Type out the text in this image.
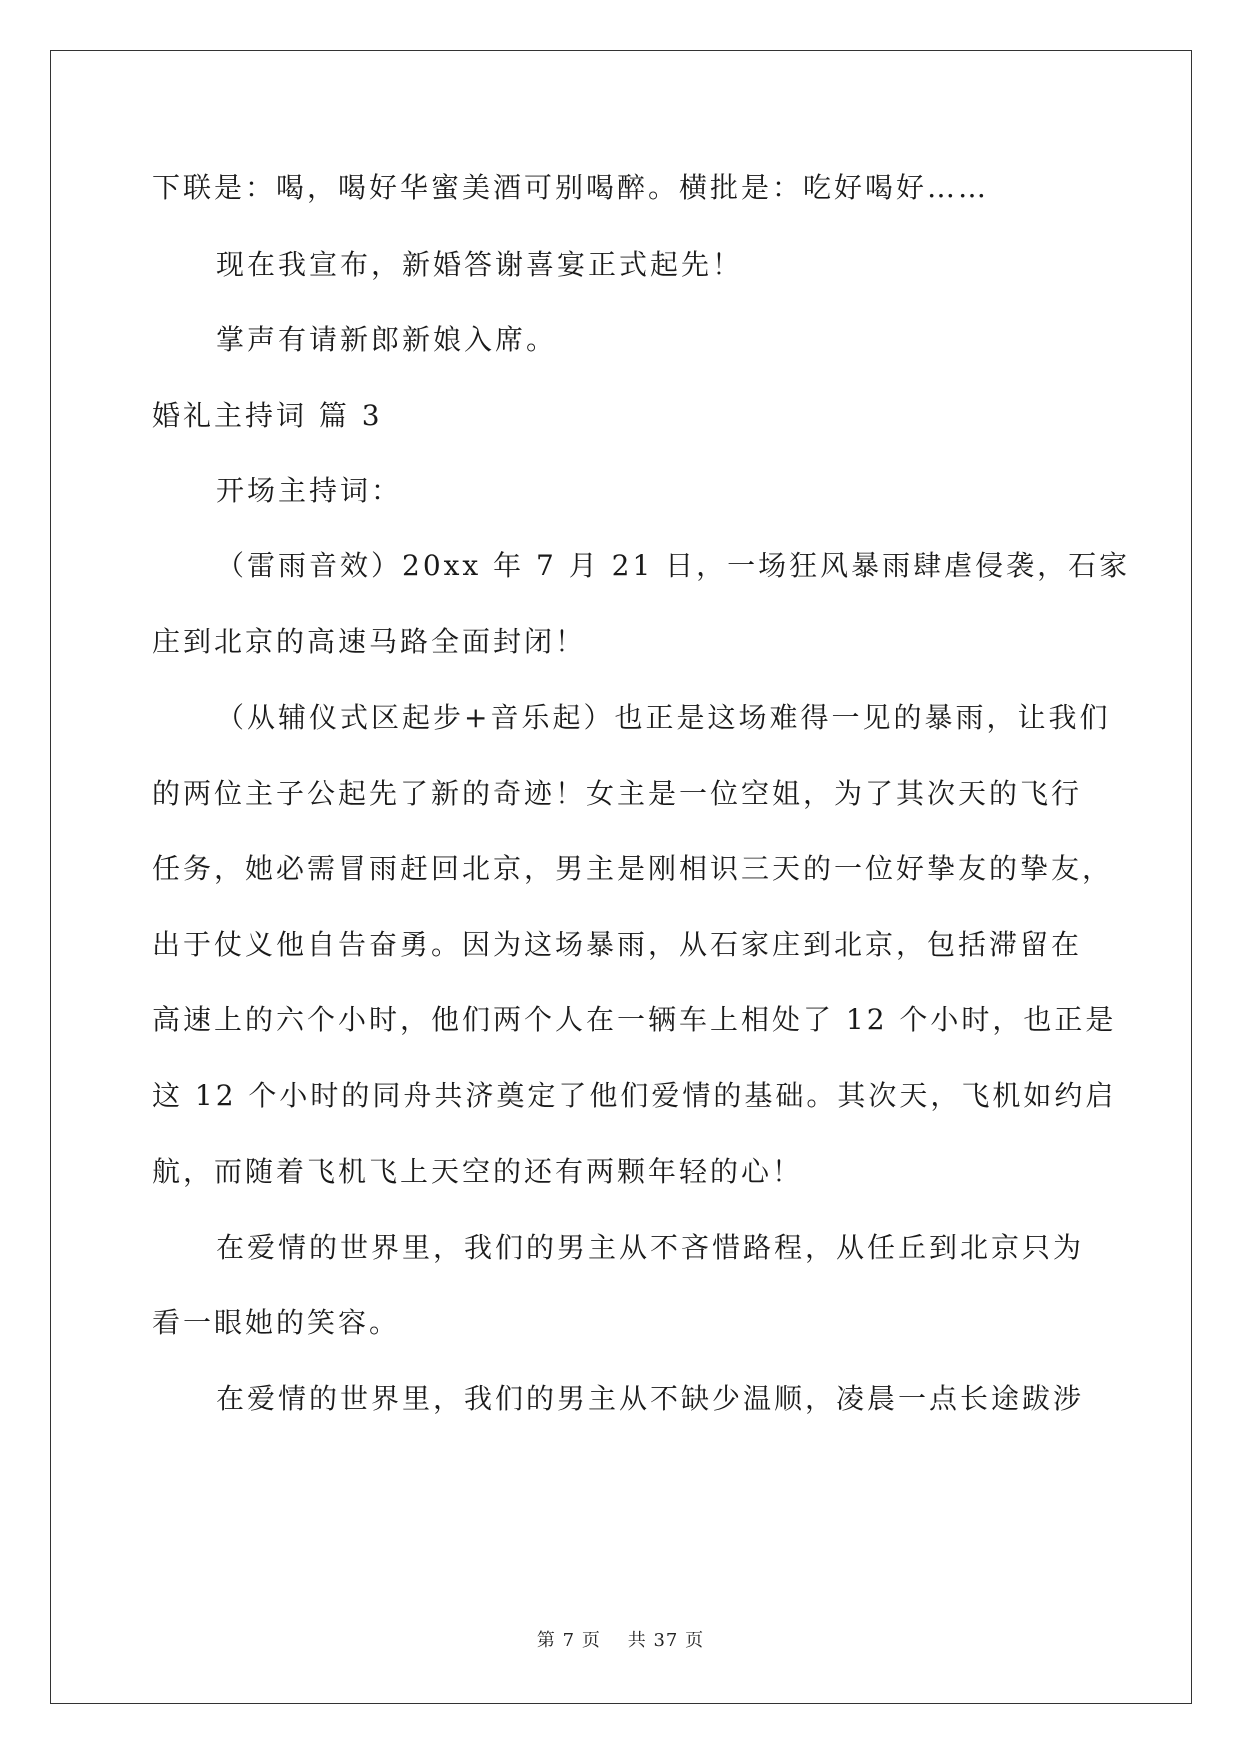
下联是：喝，喝好华蜜美酒可别喝醉。横批是：吃好喝好……
现在我宣布，新婚答谢喜宴正式起先！
掌声有请新郎新娘入席。
婚礼主持词 篇 3
开场主持词：
（雷雨音效）20xx 年 7 月 21 日，一场狂风暴雨肆虐侵袭，石家
庄到北京的高速马路全面封闭！
（从辅仪式区起步+音乐起）也正是这场难得一见的暴雨，让我们
的两位主子公起先了新的奇迹！女主是一位空姐，为了其次天的飞行
任务，她必需冒雨赶回北京，男主是刚相识三天的一位好挚友的挚友，
出于仗义他自告奋勇。因为这场暴雨，从石家庄到北京，包括滞留在
高速上的六个小时，他们两个人在一辆车上相处了 12 个小时，也正是
这 12 个小时的同舟共济奠定了他们爱情的基础。其次天，飞机如约启
航，而随着飞机飞上天空的还有两颗年轻的心！
在爱情的世界里，我们的男主从不吝惜路程，从任丘到北京只为
看一眼她的笑容。
在爱情的世界里，我们的男主从不缺少温顺，凌晨一点长途跋涉
第 7 页 共 37 页
